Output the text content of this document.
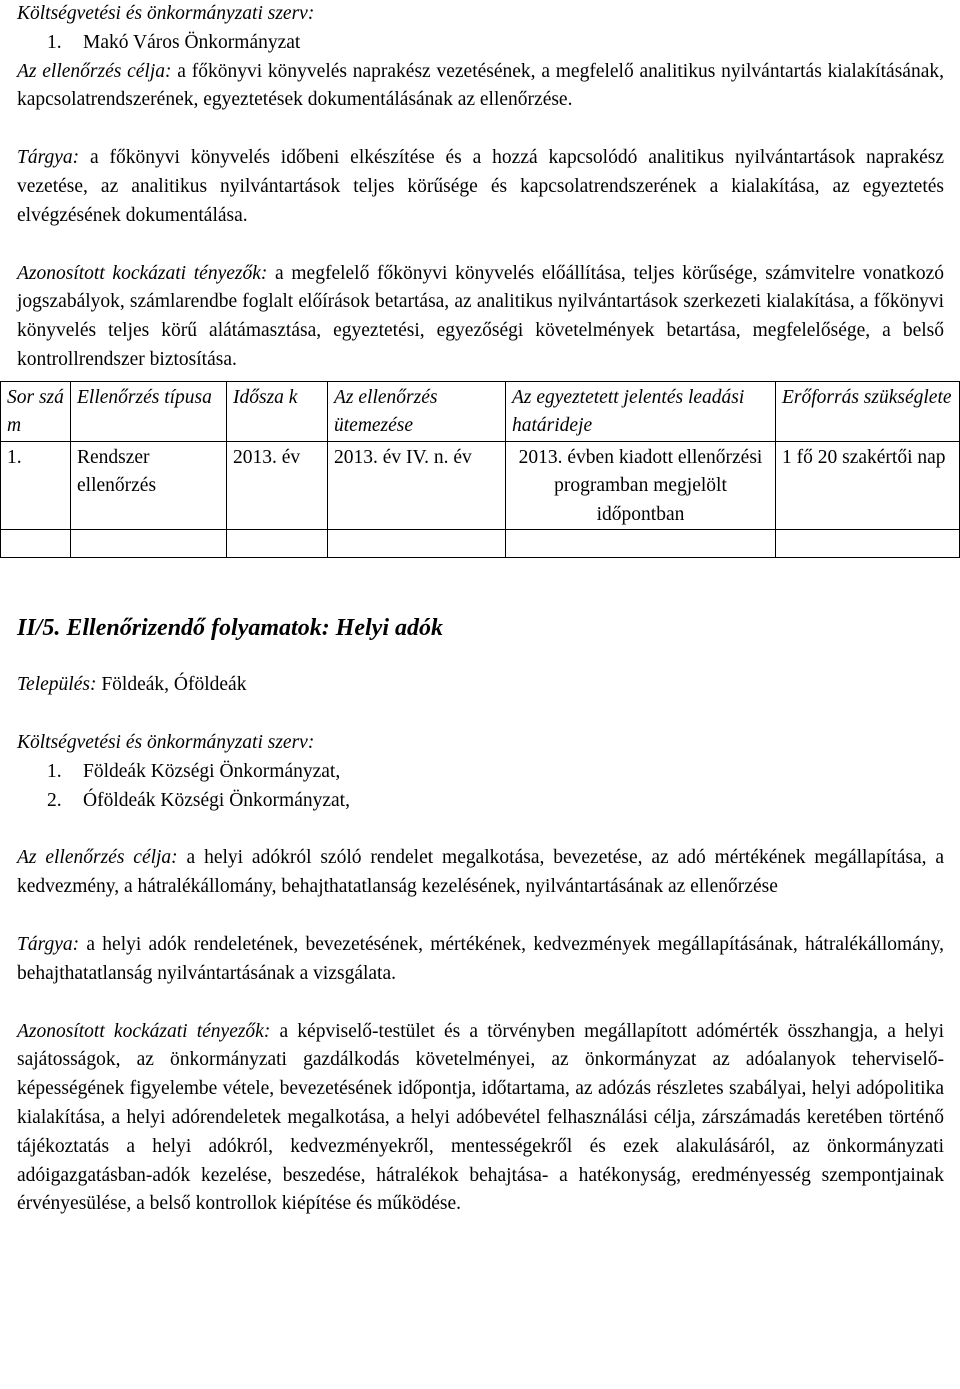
Költségvetési és önkormányzati szerv:

1. Makó Város Önkormányzat

Az ellenőrzés célja: a főkönyvi könyvelés naprakész vezetésének, a megfelelő analitikus nyilvántartás kialakításának, kapcsolatrendszerének, egyeztetések dokumentálásának az ellenőrzése.

Tárgya: a főkönyvi könyvelés időbeni elkészítése és a hozzá kapcsolódó analitikus nyilvántartások naprakész vezetése, az analitikus nyilvántartások teljes körűsége és kapcsolatrendszerének a kialakítása, az egyeztetés elvégzésének dokumentálása.

Azonosított kockázati tényezők: a megfelelő főkönyvi könyvelés előállítása, teljes körűsége, számvitelre vonatkozó jogszabályok, számlarendbe foglalt előírások betartása, az analitikus nyilvántartások szerkezeti kialakítása, a főkönyvi könyvelés teljes körű alátámasztása, egyeztetési, egyezőségi követelmények betartása, megfelelősége, a belső kontrollrendszer biztosítása.

Sor szá m	Ellenőrzés típusa	Idősza k	Az ellenőrzés ütemezése	Az egyeztetett jelentés leadási határideje	Erőforrás szükséglete
1.	Rendszer ellenőrzés	2013. év	2013. év IV. n. év	2013. évben kiadott ellenőrzési programban megjelölt időpontban	1 fő 20 szakértői nap

II/5. Ellenőrizendő folyamatok: Helyi adók

Település: Földeák, Óföldeák

Költségvetési és önkormányzati szerv:

1. Földeák Községi Önkormányzat,

2. Óföldeák Községi Önkormányzat,

Az ellenőrzés célja: a helyi adókról szóló rendelet megalkotása, bevezetése, az adó mértékének megállapítása, a kedvezmény, a hátralékállomány, behajthatatlanság kezelésének, nyilvántartásának az ellenőrzése

Tárgya: a helyi adók rendeletének, bevezetésének, mértékének, kedvezmények megállapításának, hátralékállomány, behajthatatlanság nyilvántartásának a vizsgálata.

Azonosított kockázati tényezők: a képviselő-testület és a törvényben megállapított adómérték összhangja, a helyi sajátosságok, az önkormányzati gazdálkodás követelményei, az önkormányzat az adóalanyok teherviselő-képességének figyelembe vétele, bevezetésének időpontja, időtartama, az adózás részletes szabályai, helyi adópolitika kialakítása, a helyi adórendeletek megalkotása, a helyi adóbevétel felhasználási célja, zárszámadás keretében történő tájékoztatás a helyi adókról, kedvezményekről, mentességekről és ezek alakulásáról, az önkormányzati adóigazgatásban-adók kezelése, beszedése, hátralékok behajtása- a hatékonyság, eredményesség szempontjainak érvényesülése, a belső kontrollok kiépítése és működése.
